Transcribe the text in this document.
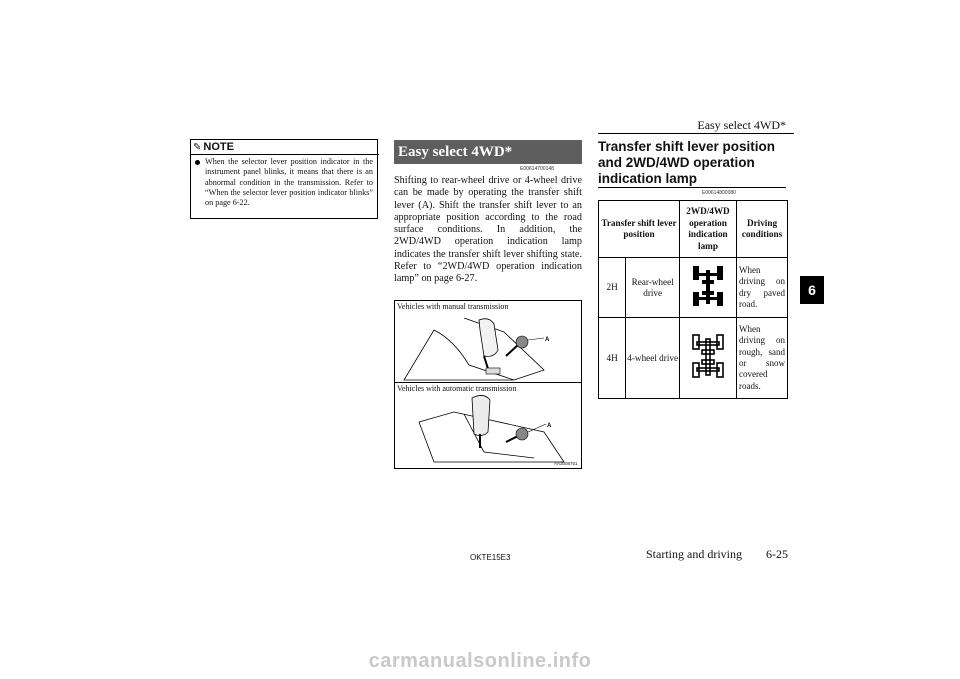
Easy select 4WD*
6
✎ NOTE
When the selector lever position indicator in the instrument panel blinks, it means that there is an abnormal condition in the transmission. Refer to “When the selector lever position indicator blinks” on page 6-22.
Easy select 4WD*
E00614700148
Shifting to rear-wheel drive or 4-wheel drive can be made by operating the transfer shift lever (A). Shift the transfer shift lever to an appropriate position according to the road surface conditions. In addition, the 2WD/4WD operation indication lamp indicates the transfer shift lever shifting state. Refer to “2WD/4WD operation indication lamp” on page 6-27.
Vehicles with manual transmission
Vehicles with automatic transmission
A
A
AA3008751
Transfer shift lever position and 2WD/4WD operation indication lamp
E00614800080
Transfer shift lever position		2WD/4WD operation indication lamp	Driving conditions
2H	Rear-wheel drive		When driving on dry paved road.
4H	4-wheel drive		When driving on rough, sand or snow covered roads.
OKTE15E3	Starting and driving 6-25
carmanualsonline.info
